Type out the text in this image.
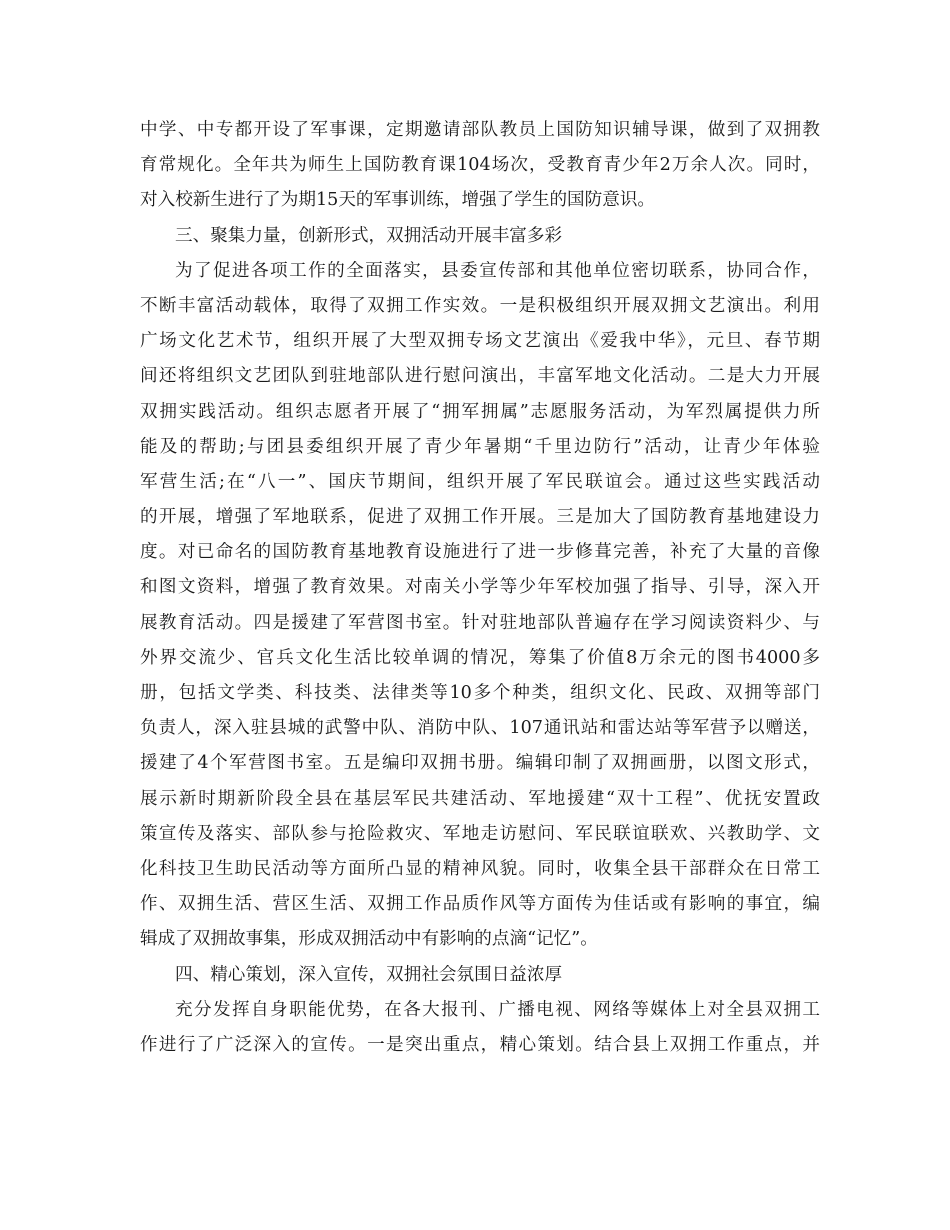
中学、中专都开设了军事课，定期邀请部队教员上国防知识辅导课，做到了双拥教
育常规化。全年共为师生上国防教育课104场次，受教育青少年2万余人次。同时，
对入校新生进行了为期15天的军事训练，增强了学生的国防意识。
三、聚集力量，创新形式，双拥活动开展丰富多彩
为了促进各项工作的全面落实，县委宣传部和其他单位密切联系，协同合作，
不断丰富活动载体，取得了双拥工作实效。一是积极组织开展双拥文艺演出。利用
广场文化艺术节，组织开展了大型双拥专场文艺演出《爱我中华》，元旦、春节期
间还将组织文艺团队到驻地部队进行慰问演出，丰富军地文化活动。二是大力开展
双拥实践活动。组织志愿者开展了“拥军拥属”志愿服务活动，为军烈属提供力所
能及的帮助;与团县委组织开展了青少年暑期“千里边防行”活动，让青少年体验
军营生活;在“八一”、国庆节期间，组织开展了军民联谊会。通过这些实践活动
的开展，增强了军地联系，促进了双拥工作开展。三是加大了国防教育基地建设力
度。对已命名的国防教育基地教育设施进行了进一步修葺完善，补充了大量的音像
和图文资料，增强了教育效果。对南关小学等少年军校加强了指导、引导，深入开
展教育活动。四是援建了军营图书室。针对驻地部队普遍存在学习阅读资料少、与
外界交流少、官兵文化生活比较单调的情况，筹集了价值8万余元的图书4000多
册，包括文学类、科技类、法律类等10多个种类，组织文化、民政、双拥等部门
负责人，深入驻县城的武警中队、消防中队、107通讯站和雷达站等军营予以赠送，
援建了4个军营图书室。五是编印双拥书册。编辑印制了双拥画册，以图文形式，
展示新时期新阶段全县在基层军民共建活动、军地援建“双十工程”、优抚安置政
策宣传及落实、部队参与抢险救灾、军地走访慰问、军民联谊联欢、兴教助学、文
化科技卫生助民活动等方面所凸显的精神风貌。同时，收集全县干部群众在日常工
作、双拥生活、营区生活、双拥工作品质作风等方面传为佳话或有影响的事宜，编
辑成了双拥故事集，形成双拥活动中有影响的点滴“记忆”。
四、精心策划，深入宣传，双拥社会氛围日益浓厚
充分发挥自身职能优势，在各大报刊、广播电视、网络等媒体上对全县双拥工
作进行了广泛深入的宣传。一是突出重点，精心策划。结合县上双拥工作重点，并
